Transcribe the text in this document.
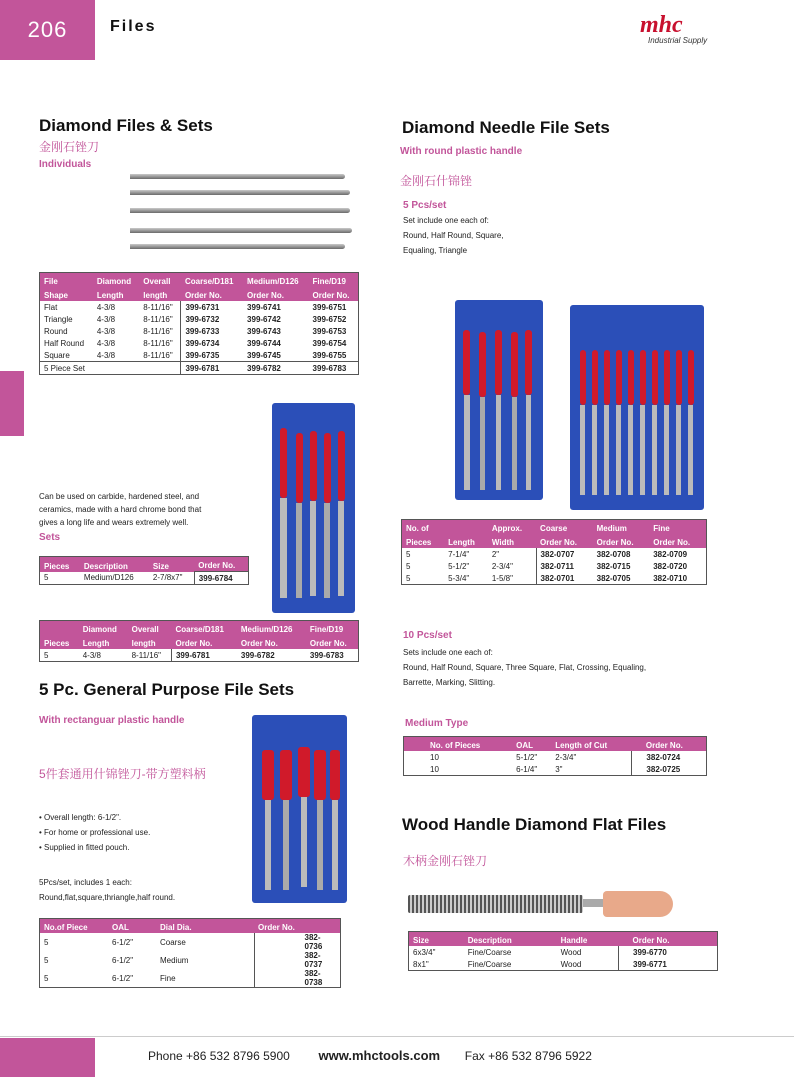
206	Files	mhc
Industrial Supply
Diamond Files & Sets
金刚石锉刀
Individuals
File	Diamond	Overall	Coarse/D181	Medium/D126	Fine/D19
Shape	Length	length	Order No.	Order No.	Order No.
Flat	4-3/8	8-11/16"	399-6731	399-6741	399-6751
Triangle	4-3/8	8-11/16"	399-6732	399-6742	399-6752
Round	4-3/8	8-11/16"	399-6733	399-6743	399-6753
Half Round	4-3/8	8-11/16"	399-6734	399-6744	399-6754
Square	4-3/8	8-11/16"	399-6735	399-6745	399-6755
5 Piece Set			399-6781	399-6782	399-6783
Can be used on carbide, hardened steel, and
ceramics, made with a hard chrome bond that
gives a long life and wears extremely well.
Sets
Pieces	Description	Size	Order No.
5	Medium/D126	2-7/8x7"	399-6784
	Diamond	Overall	Coarse/D181	Medium/D126	Fine/D19
Pieces	Length	length	Order No.	Order No.	Order No.
5	4-3/8	8-11/16"	399-6781	399-6782	399-6783
5 Pc. General Purpose File Sets
With rectanguar plastic handle
5件套通用什锦锉刀-带方塑料柄
• Overall length: 6-1/2".
• For home or professional use.
• Supplied in fitted pouch.
5Pcs/set, includes 1 each:
Round,flat,square,thriangle,half round.
No.of Piece	OAL	Dial Dia.	Order No.
5	6-1/2"	Coarse	382-0736
5	6-1/2"	Medium	382-0737
5	6-1/2"	Fine	382-0738
Diamond Needle File Sets
With round plastic handle
金刚石什锦锉
5 Pcs/set
Set include one each of:
Round, Half Round, Square,
Equaling, Triangle
No. of		Approx.	Coarse	Medium	Fine
Pieces	Length	Width	Order No.	Order No.	Order No.
5	7-1/4"	2"	382-0707	382-0708	382-0709
5	5-1/2"	2-3/4"	382-0711	382-0715	382-0720
5	5-3/4"	1-5/8"	382-0701	382-0705	382-0710
10 Pcs/set
Sets include one each of:
Round, Half Round, Square, Three Square, Flat, Crossing, Equaling,
Barrette, Marking, Slitting.
Medium Type
No. of Pieces	OAL	Length of Cut	Order No.
10	5-1/2"	2-3/4"	382-0724
10	6-1/4"	3"	382-0725
Wood Handle Diamond Flat Files
木柄金刚石锉刀
Size	Description	Handle	Order No.
6x3/4"	Fine/Coarse	Wood	399-6770
8x1"	Fine/Coarse	Wood	399-6771
Phone +86 532 8796 5900 www.mhctools.com Fax +86 532 8796 5922
